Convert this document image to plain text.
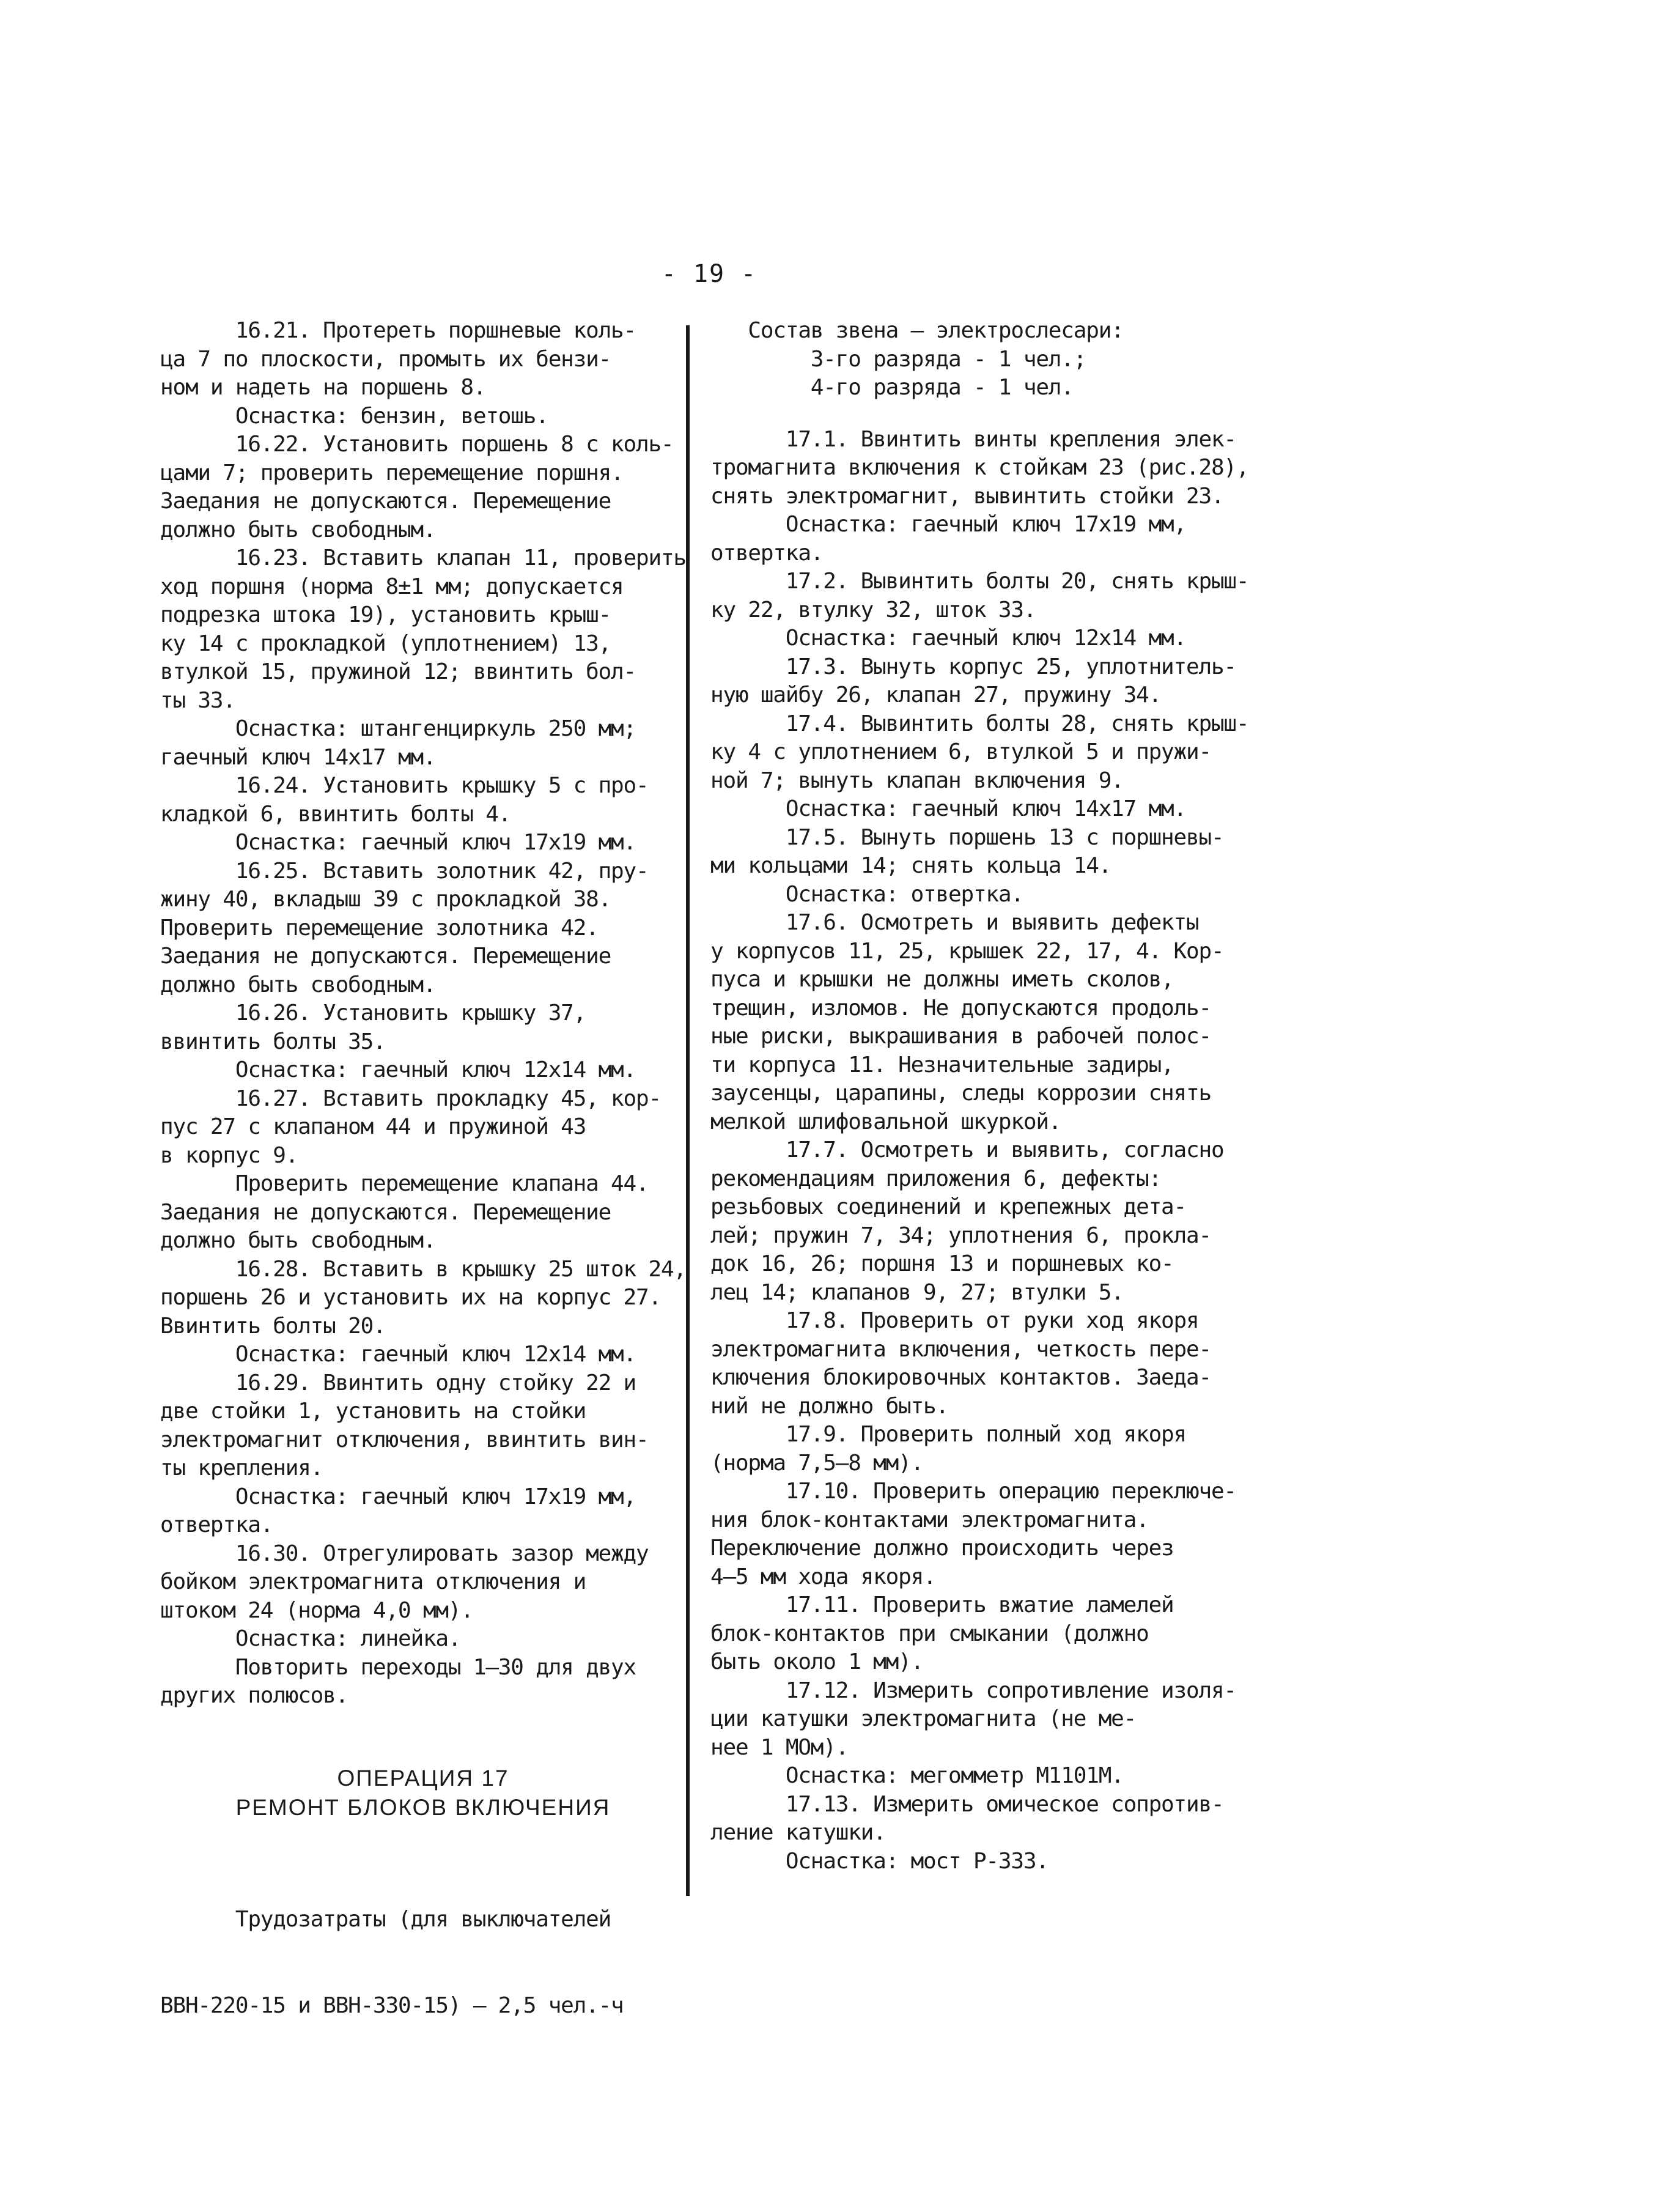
- 19 -
16.21. Протереть поршневые коль-
ца 7 по плоскости, промыть их бензи-
ном и надеть на поршень 8.
Оснастка: бензин, ветошь.
16.22. Установить поршень 8 с коль-
цами 7; проверить перемещение поршня.
Заедания не допускаются. Перемещение
должно быть свободным.
16.23. Вставить клапан 11, проверить
ход поршня (норма 8±1 мм; допускается
подрезка штока 19), установить крыш-
ку 14 с прокладкой (уплотнением) 13,
втулкой 15, пружиной 12; ввинтить бол-
ты 33.
Оснастка: штангенциркуль 250 мм;
гаечный ключ 14х17 мм.
16.24. Установить крышку 5 с про-
кладкой 6, ввинтить болты 4.
Оснастка: гаечный ключ 17х19 мм.
16.25. Вставить золотник 42, пру-
жину 40, вкладыш 39 с прокладкой 38.
Проверить перемещение золотника 42.
Заедания не допускаются. Перемещение
должно быть свободным.
16.26. Установить крышку 37,
ввинтить болты 35.
Оснастка: гаечный ключ 12х14 мм.
16.27. Вставить прокладку 45, кор-
пус 27 с клапаном 44 и пружиной 43
в корпус 9.
Проверить перемещение клапана 44.
Заедания не допускаются. Перемещение
должно быть свободным.
16.28. Вставить в крышку 25 шток 24,
поршень 26 и установить их на корпус 27.
Ввинтить болты 20.
Оснастка: гаечный ключ 12х14 мм.
16.29. Ввинтить одну стойку 22 и
две стойки 1, установить на стойки
электромагнит отключения, ввинтить вин-
ты крепления.
Оснастка: гаечный ключ 17х19 мм,
отвертка.
16.30. Отрегулировать зазор между
бойком электромагнита отключения и
штоком 24 (норма 4,0 мм).
Оснастка: линейка.
Повторить переходы 1–30 для двух
других полюсов.
ОПЕРАЦИЯ 17
РЕМОНТ БЛОКОВ ВКЛЮЧЕНИЯ

Трудозатраты (для выключателей

ВВН-220-15 и ВВН-330-15) — 2,5 чел.-ч

Состав звена — электрослесари:
3-го разряда - 1 чел.;
4-го разряда - 1 чел.
17.1. Ввинтить винты крепления элек-
тромагнита включения к стойкам 23 (рис.28),
снять электромагнит, вывинтить стойки 23.
Оснастка: гаечный ключ 17х19 мм,
отвертка.
17.2. Вывинтить болты 20, снять крыш-
ку 22, втулку 32, шток 33.
Оснастка: гаечный ключ 12х14 мм.
17.3. Вынуть корпус 25, уплотнитель-
ную шайбу 26, клапан 27, пружину 34.
17.4. Вывинтить болты 28, снять крыш-
ку 4 с уплотнением 6, втулкой 5 и пружи-
ной 7; вынуть клапан включения 9.
Оснастка: гаечный ключ 14х17 мм.
17.5. Вынуть поршень 13 с поршневы-
ми кольцами 14; снять кольца 14.
Оснастка: отвертка.
17.6. Осмотреть и выявить дефекты
у корпусов 11, 25, крышек 22, 17, 4. Кор-
пуса и крышки не должны иметь сколов,
трещин, изломов. Не допускаются продоль-
ные риски, выкрашивания в рабочей полос-
ти корпуса 11. Незначительные задиры,
заусенцы, царапины, следы коррозии снять
мелкой шлифовальной шкуркой.
17.7. Осмотреть и выявить, согласно
рекомендациям приложения 6, дефекты:
резьбовых соединений и крепежных дета-
лей; пружин 7, 34; уплотнения 6, прокла-
док 16, 26; поршня 13 и поршневых ко-
лец 14; клапанов 9, 27; втулки 5.
17.8. Проверить от руки ход якоря
электромагнита включения, четкость пере-
ключения блокировочных контактов. Заеда-
ний не должно быть.
17.9. Проверить полный ход якоря
(норма 7,5–8 мм).
17.10. Проверить операцию переключе-
ния блок-контактами электромагнита.
Переключение должно происходить через
4–5 мм хода якоря.
17.11. Проверить вжатие ламелей
блок-контактов при смыкании (должно
быть около 1 мм).
17.12. Измерить сопротивление изоля-
ции катушки электромагнита (не ме-
нее 1 МОм).
Оснастка: мегомметр М1101М.
17.13. Измерить омическое сопротив-
ление катушки.
Оснастка: мост Р-333.
